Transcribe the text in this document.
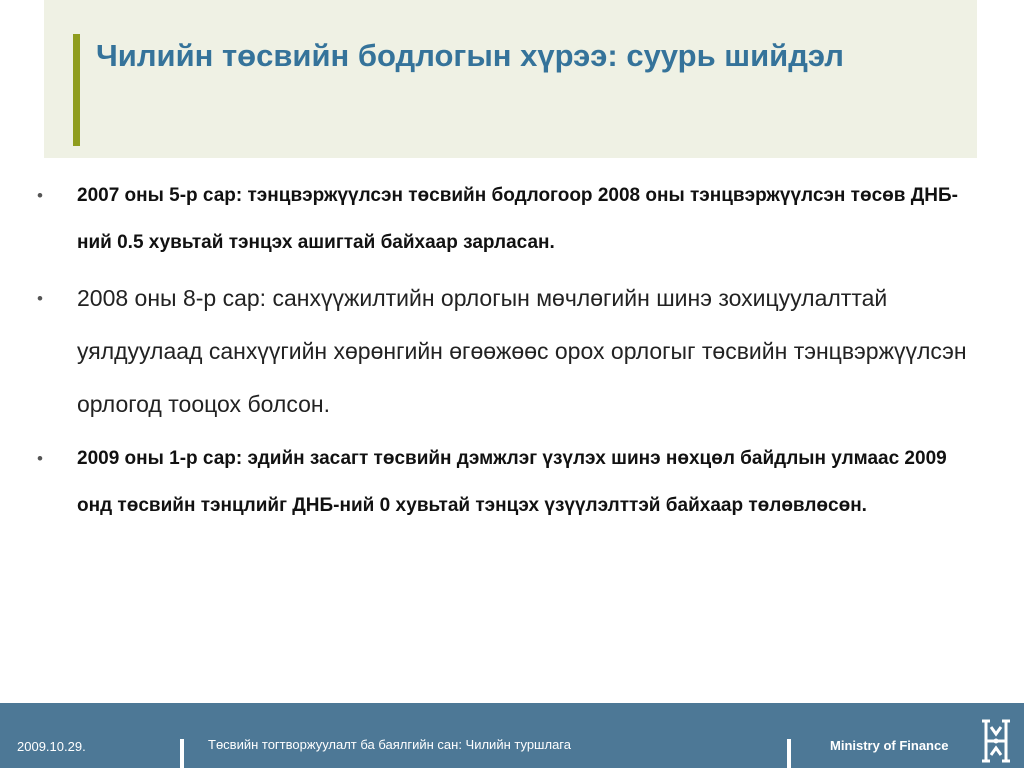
Чилийн төсвийн бодлогын хүрээ: суурь шийдэл
• 2007 оны 5-р сар: тэнцвэржүүлсэн төсвийн бодлогоор 2008 оны тэнцвэржүүлсэн төсөв ДНБ-ний 0.5 хувьтай тэнцэх ашигтай байхаар зарласан.
• 2008 оны 8-р сар: санхүүжилтийн орлогын мөчлөгийн шинэ зохицуулалттай уялдуулаад санхүүгийн хөрөнгийн өгөөжөөс орох орлогыг төсвийн тэнцвэржүүлсэн орлогод тооцох болсон.
• 2009 оны 1-р сар: эдийн засагт төсвийн дэмжлэг үзүлэх шинэ нөхцөл байдлын улмаас 2009 онд төсвийн тэнцлийг ДНБ-ний 0 хувьтай тэнцэх үзүүлэлттэй байхаар төлөвлөсөн.
2009.10.29.	Төсвийн тогтворжуулалт ба баялгийн сан: Чилийн туршлага	Ministry of Finance
